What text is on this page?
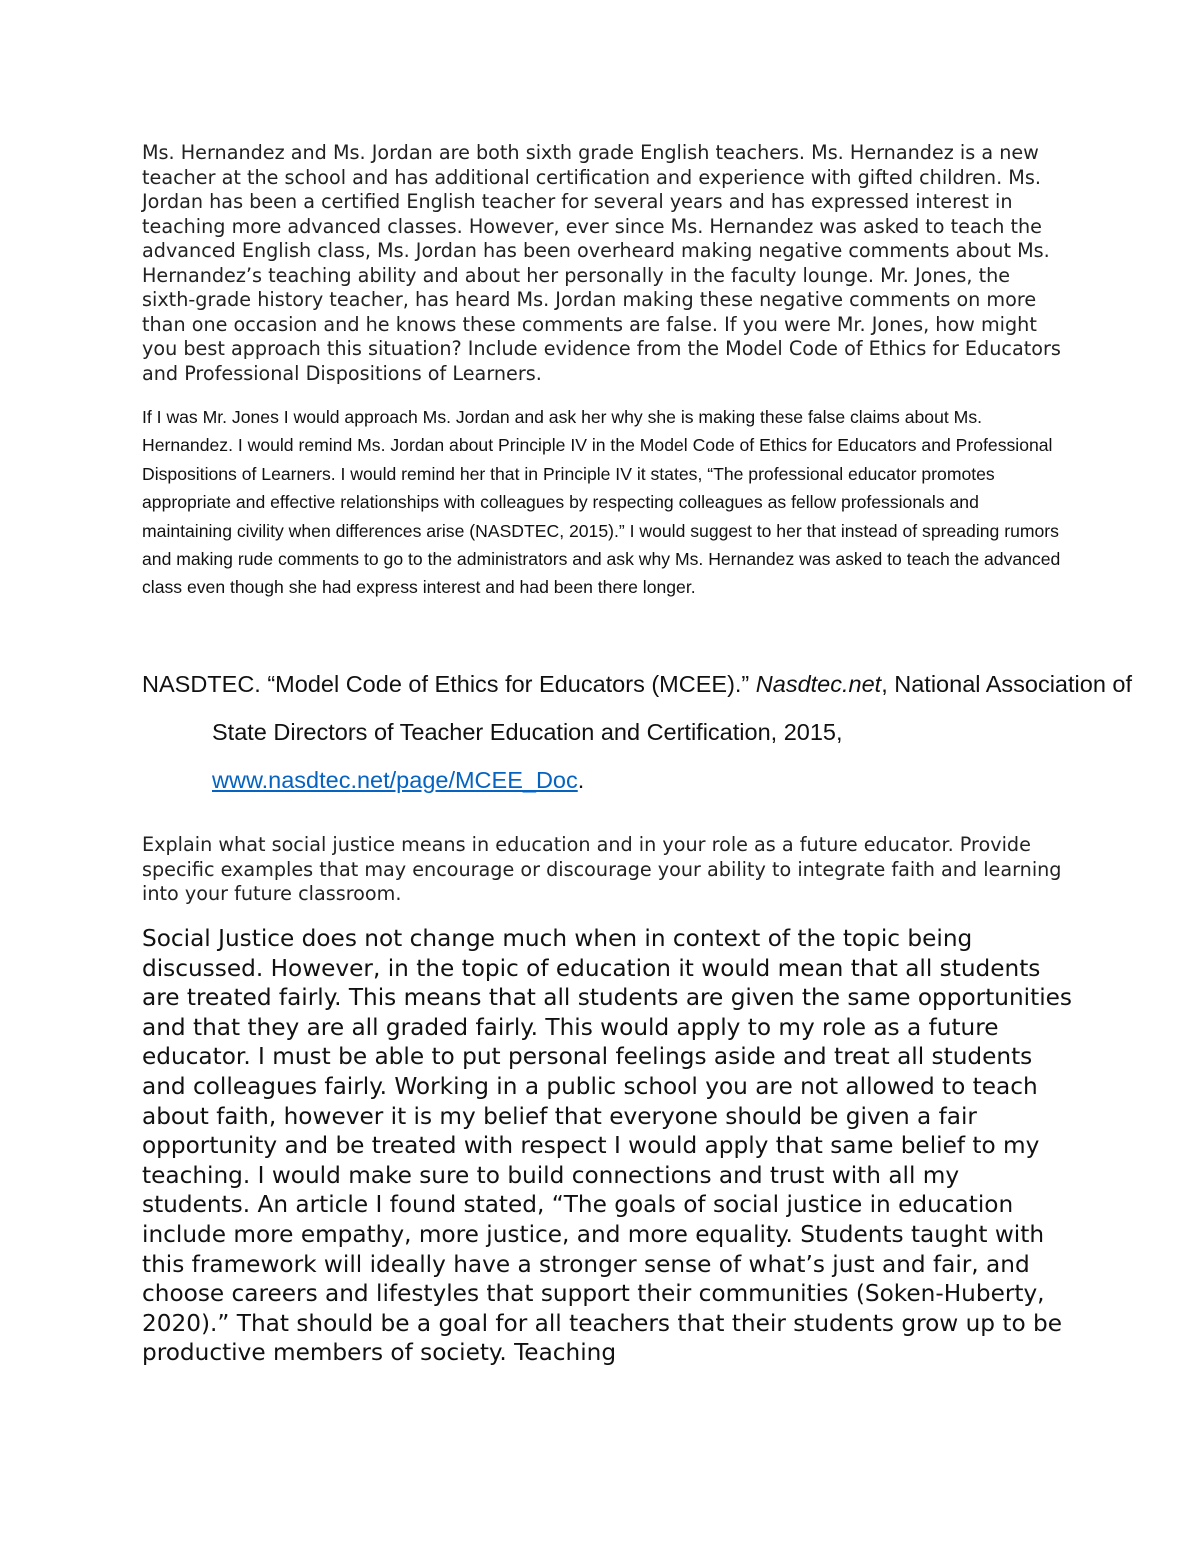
Ms. Hernandez and Ms. Jordan are both sixth grade English teachers. Ms. Hernandez is a new teacher at the school and has additional certification and experience with gifted children. Ms. Jordan has been a certified English teacher for several years and has expressed interest in teaching more advanced classes. However, ever since Ms. Hernandez was asked to teach the advanced English class, Ms. Jordan has been overheard making negative comments about Ms. Hernandez’s teaching ability and about her personally in the faculty lounge. Mr. Jones, the sixth-grade history teacher, has heard Ms. Jordan making these negative comments on more than one occasion and he knows these comments are false. If you were Mr. Jones, how might you best approach this situation? Include evidence from the Model Code of Ethics for Educators and Professional Dispositions of Learners.

If I was Mr. Jones I would approach Ms. Jordan and ask her why she is making these false claims about Ms. Hernandez. I would remind Ms. Jordan about Principle IV in the Model Code of Ethics for Educators and Professional Dispositions of Learners. I would remind her that in Principle IV it states, “The professional educator promotes appropriate and effective relationships with colleagues by respecting colleagues as fellow professionals and maintaining civility when differences arise (NASDTEC, 2015).” I would suggest to her that instead of spreading rumors and making rude comments to go to the administrators and ask why Ms. Hernandez was asked to teach the advanced class even though she had express interest and had been there longer.

NASDTEC. “Model Code of Ethics for Educators (MCEE).” Nasdtec.net, National Association of State Directors of Teacher Education and Certification, 2015, www.nasdtec.net/page/MCEE_Doc.

Explain what social justice means in education and in your role as a future educator. Provide specific examples that may encourage or discourage your ability to integrate faith and learning into your future classroom.

Social Justice does not change much when in context of the topic being discussed. However, in the topic of education it would mean that all students are treated fairly. This means that all students are given the same opportunities and that they are all graded fairly. This would apply to my role as a future educator. I must be able to put personal feelings aside and treat all students and colleagues fairly. Working in a public school you are not allowed to teach about faith, however it is my belief that everyone should be given a fair opportunity and be treated with respect I would apply that same belief to my teaching. I would make sure to build connections and trust with all my students. An article I found stated, “The goals of social justice in education include more empathy, more justice, and more equality. Students taught with this framework will ideally have a stronger sense of what’s just and fair, and choose careers and lifestyles that support their communities (Soken-Huberty, 2020).” That should be a goal for all teachers that their students grow up to be productive members of society. Teaching
